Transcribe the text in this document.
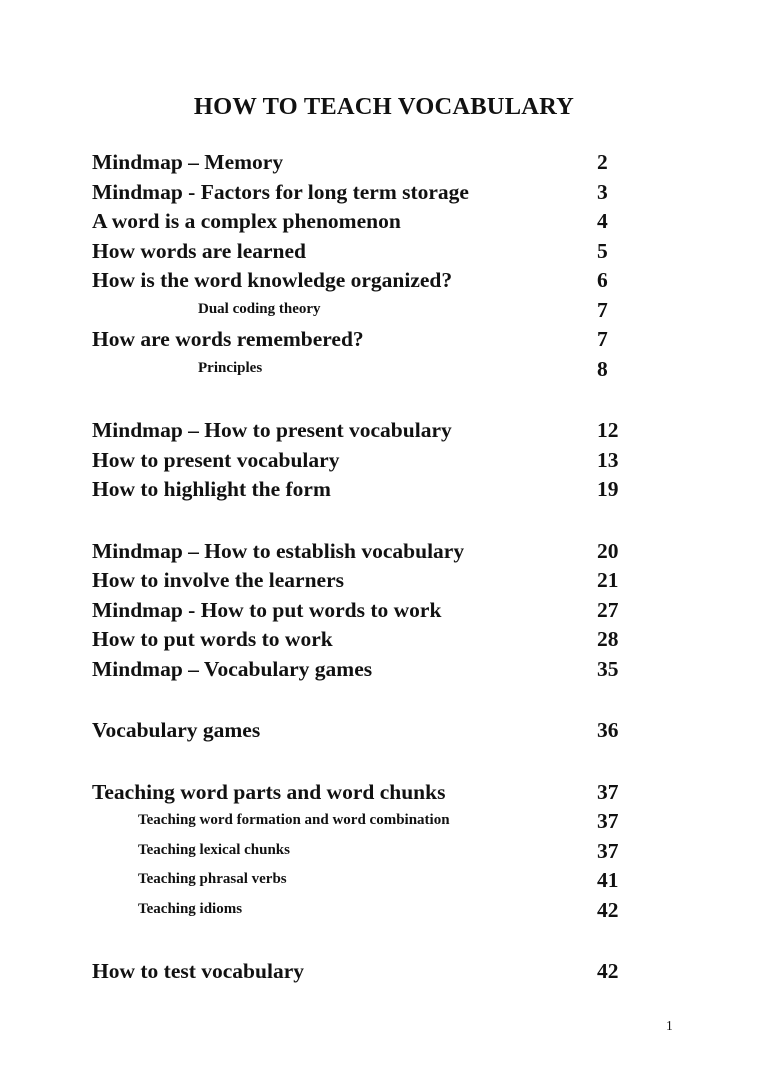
HOW TO TEACH VOCABULARY
Mindmap – Memory	2
Mindmap - Factors for long term storage	3
A word is a complex phenomenon	4
How words are learned	5
How is the word knowledge organized?	6
Dual coding theory	7
How are words remembered?	7
Principles	8
Mindmap – How to present vocabulary	12
How to present vocabulary	13
How to highlight the form	19
Mindmap – How to establish vocabulary	20
How to involve the learners	21
Mindmap - How to put words to work	27
How to put words to work	28
Mindmap – Vocabulary games	35
Vocabulary games	36
Teaching word parts and word chunks	37
Teaching word formation and word combination	37
Teaching lexical chunks	37
Teaching phrasal verbs	41
Teaching idioms	42
How to test vocabulary	42
1
